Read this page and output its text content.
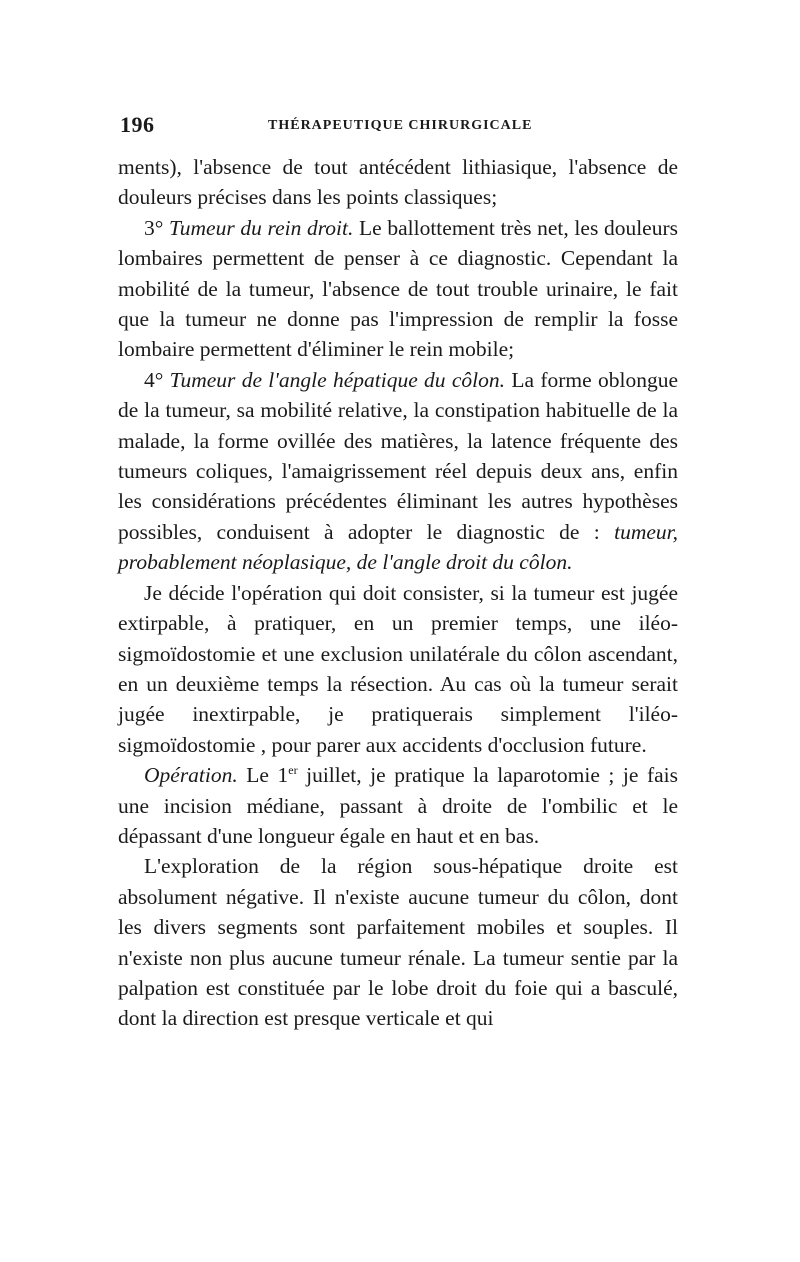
196	THÉRAPEUTIQUE CHIRURGICALE

ments), l'absence de tout antécédent lithiasique, l'absence de douleurs précises dans les points classiques;

3° Tumeur du rein droit. Le ballottement très net, les douleurs lombaires permettent de penser à ce diagnostic. Cependant la mobilité de la tumeur, l'absence de tout trouble urinaire, le fait que la tumeur ne donne pas l'impression de remplir la fosse lombaire permettent d'éliminer le rein mobile;

4° Tumeur de l'angle hépatique du côlon. La forme oblongue de la tumeur, sa mobilité relative, la constipation habituelle de la malade, la forme ovillée des matières, la latence fréquente des tumeurs coliques, l'amaigrissement réel depuis deux ans, enfin les considérations précédentes éliminant les autres hypothèses possibles, conduisent à adopter le diagnostic de : tumeur, probablement néoplasique, de l'angle droit du côlon.

Je décide l'opération qui doit consister, si la tumeur est jugée extirpable, à pratiquer, en un premier temps, une iléo-sigmoïdostomie et une exclusion unilatérale du côlon ascendant, en un deuxième temps la résection. Au cas où la tumeur serait jugée inextirpable, je pratiquerais simplement l'iléo-sigmoïdostomie , pour parer aux accidents d'occlusion future.

Opération. Le 1er juillet, je pratique la laparotomie ; je fais une incision médiane, passant à droite de l'ombilic et le dépassant d'une longueur égale en haut et en bas.

L'exploration de la région sous-hépatique droite est absolument négative. Il n'existe aucune tumeur du côlon, dont les divers segments sont parfaitement mobiles et souples. Il n'existe non plus aucune tumeur rénale. La tumeur sentie par la palpation est constituée par le lobe droit du foie qui a basculé, dont la direction est presque verticale et qui
